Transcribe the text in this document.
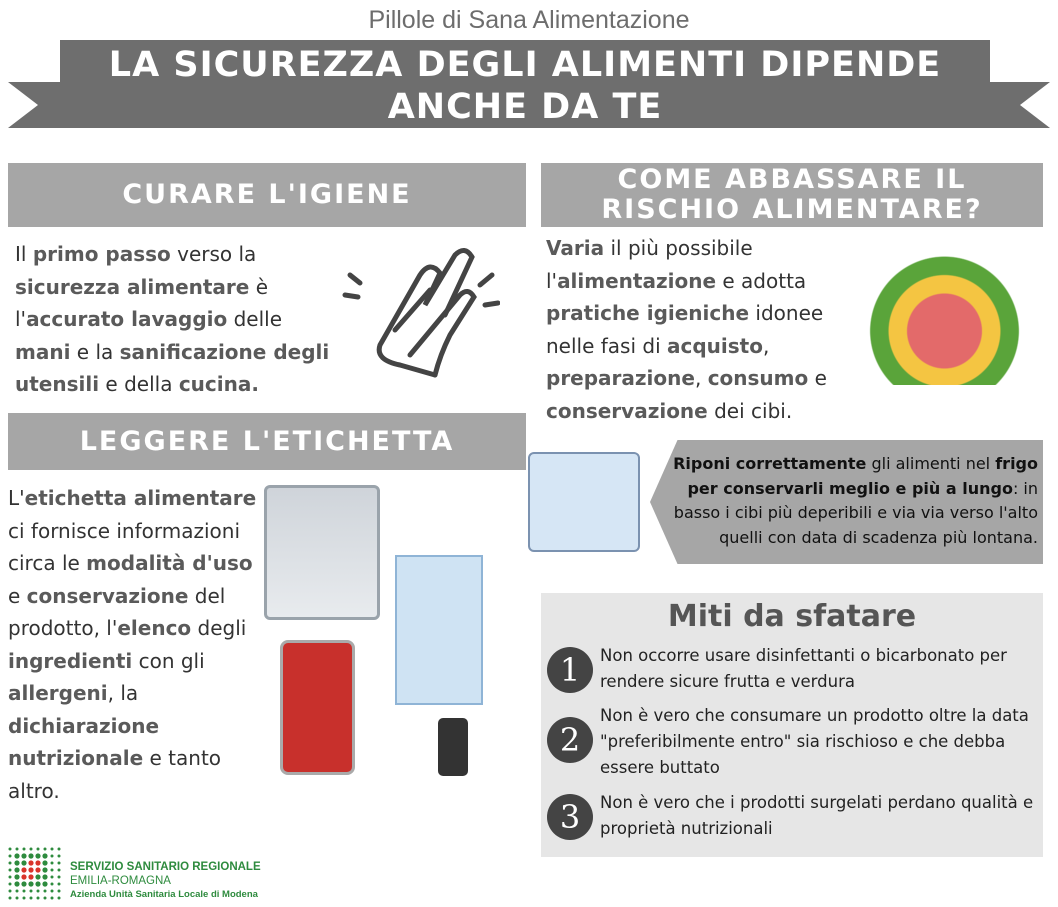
Pillole di Sana Alimentazione
LA SICUREZZA DEGLI ALIMENTI DIPENDE
ANCHE DA TE
CURARE L'IGIENE
Il primo passo verso la sicurezza alimentare è l'accurato lavaggio delle mani e la sanificazione degli utensili e della cucina.
LEGGERE L'ETICHETTA
L'etichetta alimentare ci fornisce informazioni circa le modalità d'uso e conservazione del prodotto, l'elenco degli ingredienti con gli allergeni, la dichiarazione nutrizionale e tanto altro.
COME ABBASSARE IL
RISCHIO ALIMENTARE?
Varia il più possibile l'alimentazione e adotta pratiche igieniche idonee nelle fasi di acquisto, preparazione, consumo e conservazione dei cibi.
Riponi correttamente gli alimenti nel frigo per conservarli meglio e più a lungo: in basso i cibi più deperibili e via via verso l'alto quelli con data di scadenza più lontana.
Miti da sfatare
1	Non occorre usare disinfettanti o bicarbonato per rendere sicure frutta e verdura
2
Non è vero che consumare un prodotto oltre la data "preferibilmente entro" sia rischioso e che debba essere buttato
3	Non è vero che i prodotti surgelati perdano qualità e proprietà nutrizionali
SERVIZIO SANITARIO REGIONALE
EMILIA-ROMAGNA
Azienda Unità Sanitaria Locale di Modena
